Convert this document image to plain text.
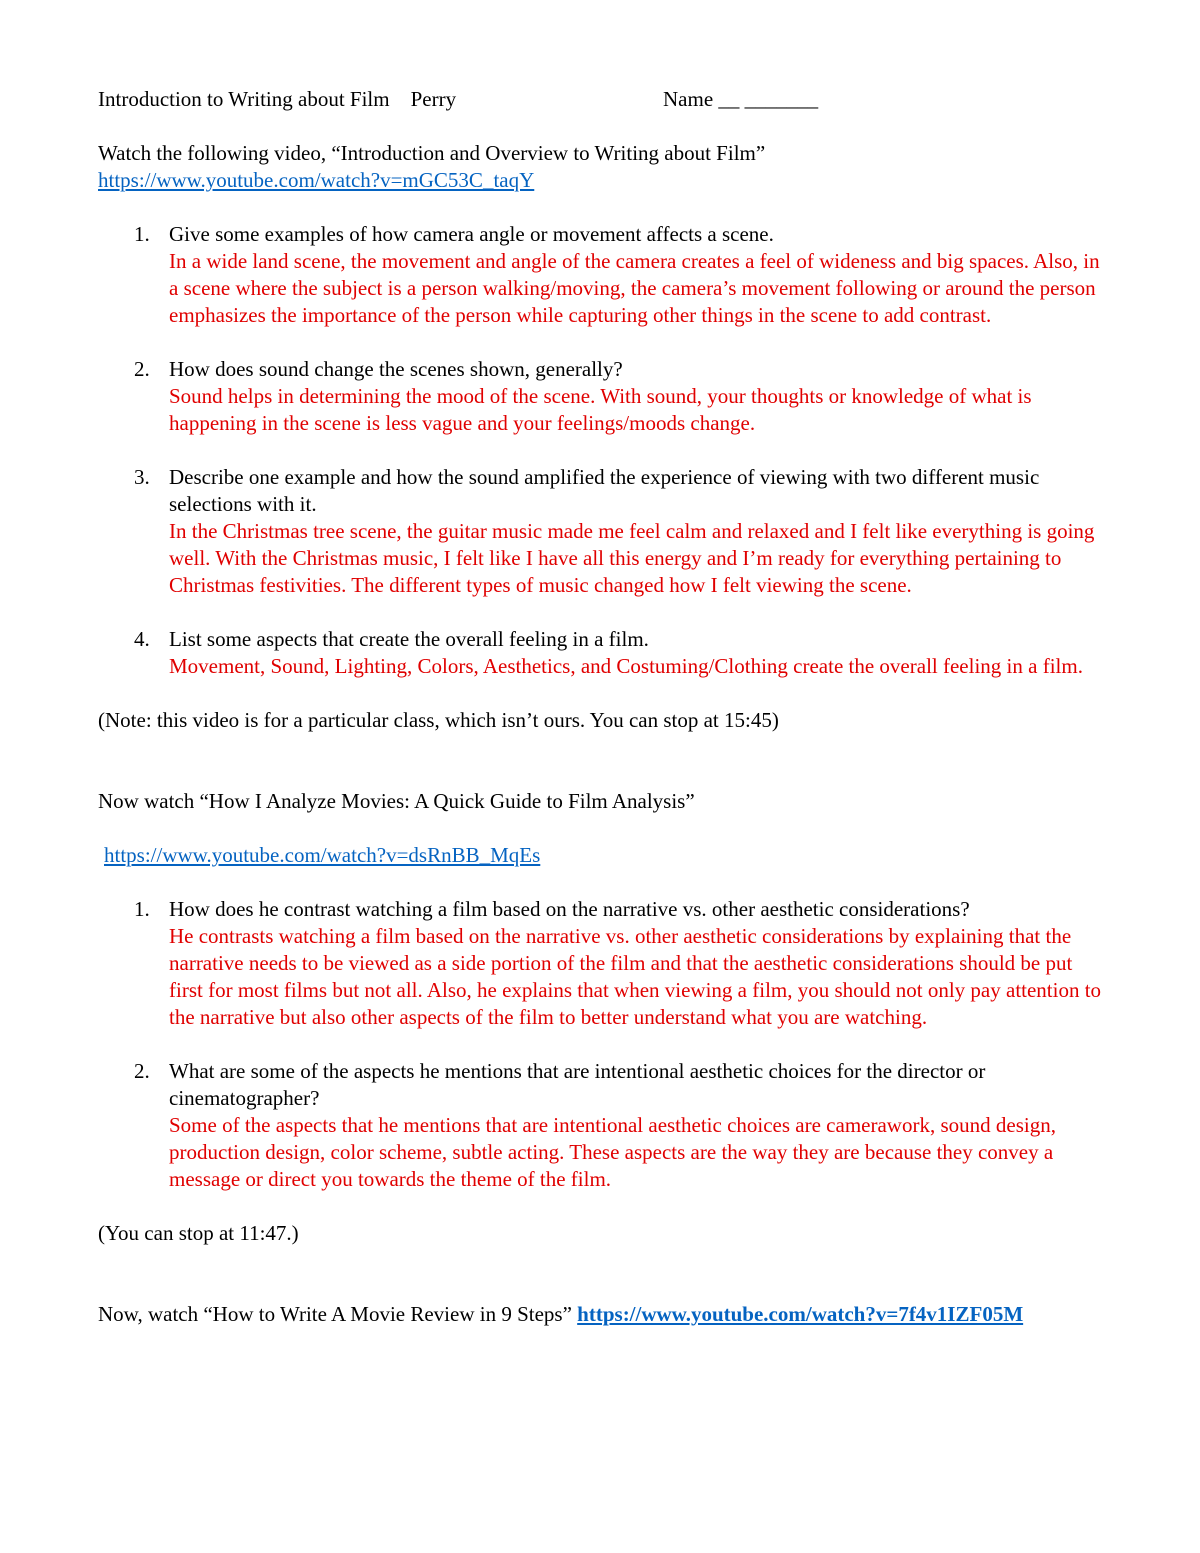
Introduction to Writing about Film    Perry	Name __ _______

Watch the following video, “Introduction and Overview to Writing about Film”

https://www.youtube.com/watch?v=mGC53C_taqY

1. Give some examples of how camera angle or movement affects a scene.

In a wide land scene, the movement and angle of the camera creates a feel of wideness and big spaces. Also, in a scene where the subject is a person walking/moving, the camera’s movement following or around the person emphasizes the importance of the person while capturing other things in the scene to add contrast.

2. How does sound change the scenes shown, generally?

Sound helps in determining the mood of the scene. With sound, your thoughts or knowledge of what is happening in the scene is less vague and your feelings/moods change.

3. Describe one example and how the sound amplified the experience of viewing with two different music selections with it.

In the Christmas tree scene, the guitar music made me feel calm and relaxed and I felt like everything is going well. With the Christmas music, I felt like I have all this energy and I’m ready for everything pertaining to Christmas festivities. The different types of music changed how I felt viewing the scene.

4. List some aspects that create the overall feeling in a film.

Movement, Sound, Lighting, Colors, Aesthetics, and Costuming/Clothing create the overall feeling in a film.

(Note: this video is for a particular class, which isn’t ours. You can stop at 15:45)

Now watch “How I Analyze Movies: A Quick Guide to Film Analysis”

https://www.youtube.com/watch?v=dsRnBB_MqEs

1. How does he contrast watching a film based on the narrative vs. other aesthetic considerations?

He contrasts watching a film based on the narrative vs. other aesthetic considerations by explaining that the narrative needs to be viewed as a side portion of the film and that the aesthetic considerations should be put first for most films but not all. Also, he explains that when viewing a film, you should not only pay attention to the narrative but also other aspects of the film to better understand what you are watching.

2. What are some of the aspects he mentions that are intentional aesthetic choices for the director or cinematographer?

Some of the aspects that he mentions that are intentional aesthetic choices are camerawork, sound design, production design, color scheme, subtle acting. These aspects are the way they are because they convey a message or direct you towards the theme of the film.

(You can stop at 11:47.)

Now, watch “How to Write A Movie Review in 9 Steps” https://www.youtube.com/watch?v=7f4v1IZF05M
